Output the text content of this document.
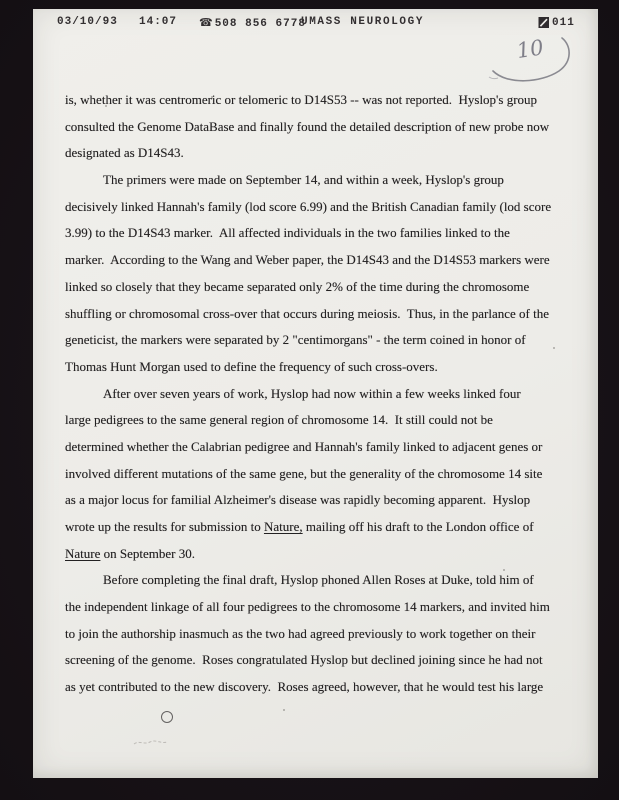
03/10/93 14:07 ☎508 856 6778
UMASS NEUROLOGY	011
10
is, whether it was centromeric or telomeric to D14S53 -- was not reported.  Hyslop's group
consulted the Genome DataBase and finally found the detailed description of new probe now
designated as D14S43.
The primers were made on September 14, and within a week, Hyslop's group
decisively linked Hannah's family (lod score 6.99) and the British Canadian family (lod score
3.99) to the D14S43 marker.  All affected individuals in the two families linked to the
marker.  According to the Wang and Weber paper, the D14S43 and the D14S53 markers were
linked so closely that they became separated only 2% of the time during the chromosome
shuffling or chromosomal cross-over that occurs during meiosis.  Thus, in the parlance of the
geneticist, the markers were separated by 2 "centimorgans" - the term coined in honor of
Thomas Hunt Morgan used to define the frequency of such cross-overs.
After over seven years of work, Hyslop had now within a few weeks linked four
large pedigrees to the same general region of chromosome 14.  It still could not be
determined whether the Calabrian pedigree and Hannah's family linked to adjacent genes or
involved different mutations of the same gene, but the generality of the chromosome 14 site
as a major locus for familial Alzheimer's disease was rapidly becoming apparent.  Hyslop
wrote up the results for submission to Nature, mailing off his draft to the London office of
Nature on September 30.
Before completing the final draft, Hyslop phoned Allen Roses at Duke, told him of
the independent linkage of all four pedigrees to the chromosome 14 markers, and invited him
to join the authorship inasmuch as the two had agreed previously to work together on their
screening of the genome.  Roses congratulated Hyslop but declined joining since he had not
as yet contributed to the new discovery.  Roses agreed, however, that he would test his large
